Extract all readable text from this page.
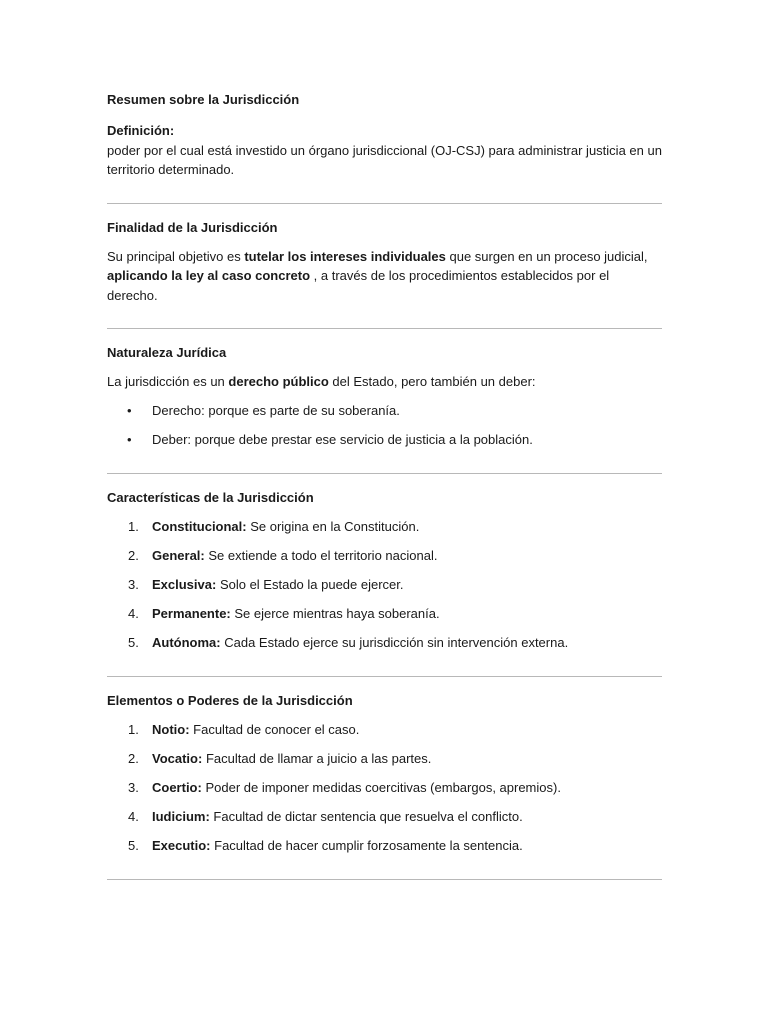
Resumen sobre la Jurisdicción

Definición:

poder por el cual está investido un órgano jurisdiccional (OJ-CSJ) para administrar justicia en un territorio determinado.

Finalidad de la Jurisdicción

Su principal objetivo es tutelar los intereses individuales que surgen en un proceso judicial, aplicando la ley al caso concreto , a través de los procedimientos establecidos por el derecho.

Naturaleza Jurídica

La jurisdicción es un derecho público del Estado, pero también un deber:

• Derecho: porque es parte de su soberanía.
• Deber: porque debe prestar ese servicio de justicia a la población.
Características de la Jurisdicción
1. Constitucional: Se origina en la Constitución.
2. General: Se extiende a todo el territorio nacional.
3. Exclusiva: Solo el Estado la puede ejercer.
4. Permanente: Se ejerce mientras haya soberanía.
5. Autónoma: Cada Estado ejerce su jurisdicción sin intervención externa.
Elementos o Poderes de la Jurisdicción
1. Notio: Facultad de conocer el caso.
2. Vocatio: Facultad de llamar a juicio a las partes.
3. Coertio: Poder de imponer medidas coercitivas (embargos, apremios).
4. Iudicium: Facultad de dictar sentencia que resuelva el conflicto.
5. Executio: Facultad de hacer cumplir forzosamente la sentencia.
